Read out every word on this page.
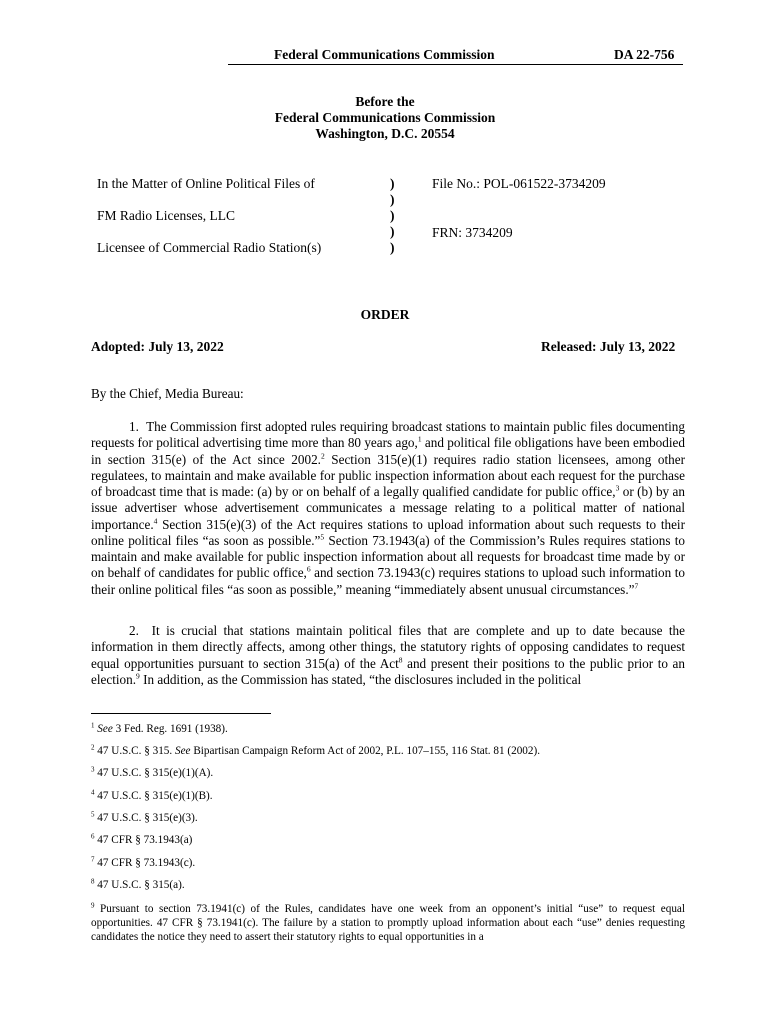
Federal Communications Commission	DA 22-756
Before the
Federal Communications Commission
Washington, D.C. 20554
In the Matter of Online Political Files of
FM Radio Licenses, LLC
Licensee of Commercial Radio Station(s)
)
)
)
)
)
File No.: POL-061522-3734209
FRN: 3734209
ORDER
Adopted: July 13, 2022	Released: July 13, 2022
By the Chief, Media Bureau:

1. The Commission first adopted rules requiring broadcast stations to maintain public files documenting requests for political advertising time more than 80 years ago,$^1$ and political file obligations have been embodied in section 315(e) of the Act since 2002.$^2$ Section 315(e)(1) requires radio station licensees, among other regulatees, to maintain and make available for public inspection information about each request for the purchase of broadcast time that is made: (a) by or on behalf of a legally qualified candidate for public office,$^3$ or (b) by an issue advertiser whose advertisement communicates a message relating to a political matter of national importance.$^4$ Section 315(e)(3) of the Act requires stations to upload information about such requests to their online political files “as soon as possible.”$^5$ Section 73.1943(a) of the Commission’s Rules requires stations to maintain and make available for public inspection information about all requests for broadcast time made by or on behalf of candidates for public office,$^6$ and section 73.1943(c) requires stations to upload such information to their online political files “as soon as possible,” meaning “immediately absent unusual circumstances.”$^7$

2. It is crucial that stations maintain political files that are complete and up to date because the information in them directly affects, among other things, the statutory rights of opposing candidates to request equal opportunities pursuant to section 315(a) of the Act$^8$ and present their positions to the public prior to an election.$^9$ In addition, as the Commission has stated, “the disclosures included in the political

$^1$ See 3 Fed. Reg. 1691 (1938).

$^2$ 47 U.S.C. § 315. See Bipartisan Campaign Reform Act of 2002, P.L. 107–155, 116 Stat. 81 (2002).

$^3$ 47 U.S.C. § 315(e)(1)(A).

$^4$ 47 U.S.C. § 315(e)(1)(B).

$^5$ 47 U.S.C. § 315(e)(3).

$^6$ 47 CFR § 73.1943(a)

$^7$ 47 CFR § 73.1943(c).

$^8$ 47 U.S.C. § 315(a).

$^9$ Pursuant to section 73.1941(c) of the Rules, candidates have one week from an opponent’s initial “use” to request equal opportunities. 47 CFR § 73.1941(c). The failure by a station to promptly upload information about each “use” denies requesting candidates the notice they need to assert their statutory rights to equal opportunities in a
